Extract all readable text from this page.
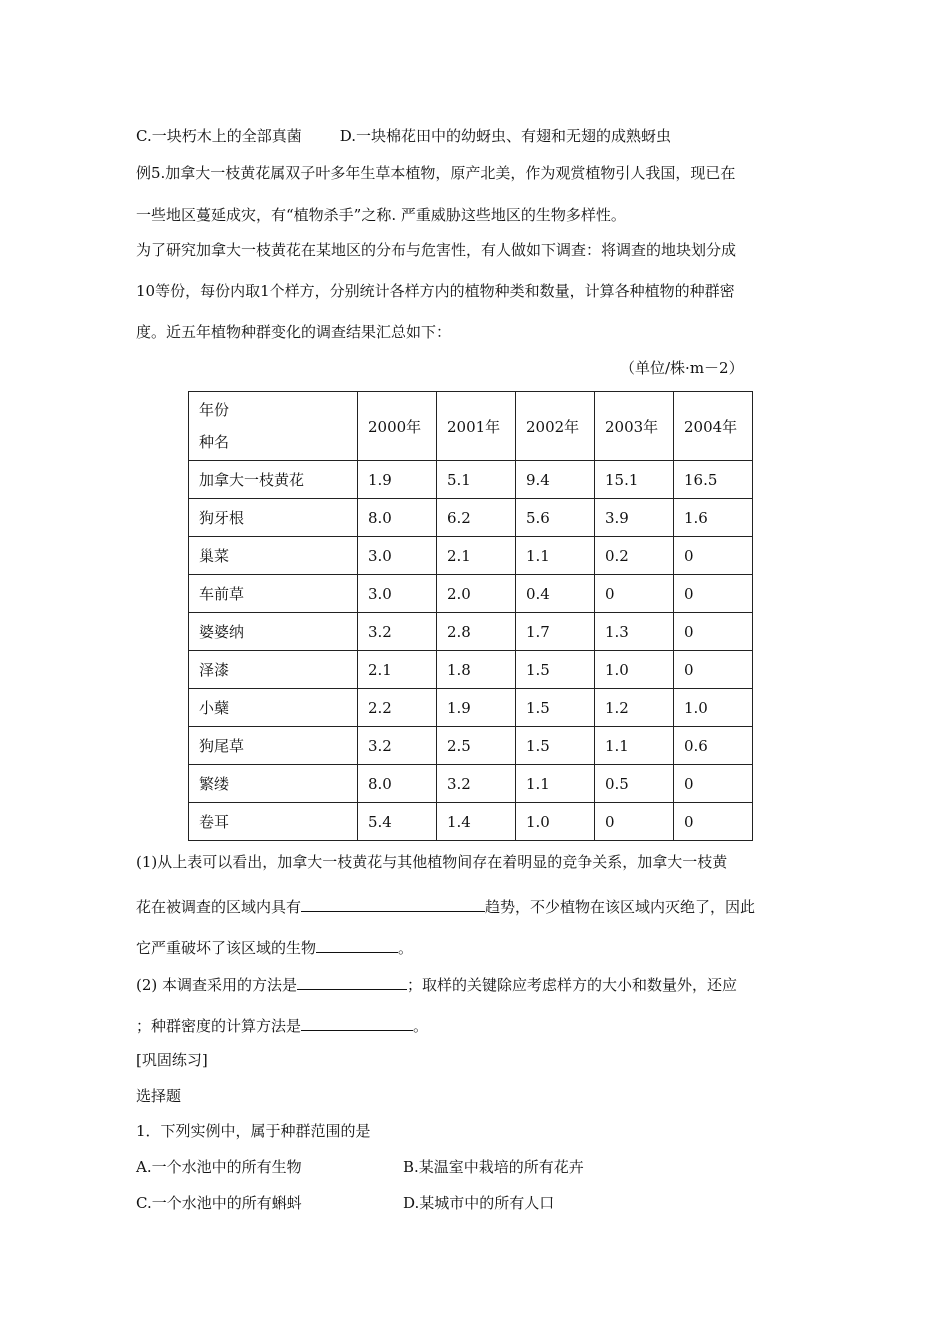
C.一块朽木上的全部真菌	D.一块棉花田中的幼蚜虫、有翅和无翅的成熟蚜虫
例5.加拿大一枝黄花属双子叶多年生草本植物，原产北美，作为观赏植物引人我国，现已在
一些地区蔓延成灾，有“植物杀手”之称. 严重威胁这些地区的生物多样性。
为了研究加拿大一枝黄花在某地区的分布与危害性，有人做如下调查：将调查的地块划分成
10等份，每份内取1个样方，分别统计各样方内的植物种类和数量，计算各种植物的种群密
度。近五年植物种群变化的调查结果汇总如下：
（单位/株·m－2）
年份
种名	2000年	2001年	2002年	2003年	2004年
加拿大一枝黄花	1.9	5.1	9.4	15.1	16.5
狗牙根	8.0	6.2	5.6	3.9	1.6
巢菜	3.0	2.1	1.1	0.2	0
车前草	3.0	2.0	0.4	0	0
婆婆纳	3.2	2.8	1.7	1.3	0
泽漆	2.1	1.8	1.5	1.0	0
小蘖	2.2	1.9	1.5	1.2	1.0
狗尾草	3.2	2.5	1.5	1.1	0.6
繁缕	8.0	3.2	1.1	0.5	0
卷耳	5.4	1.4	1.0	0	0
(1)从上表可以看出，加拿大一枝黄花与其他植物间存在着明显的竞争关系，加拿大一枝黄
花在被调查的区域内具有	趋势，不少植物在该区域内灭绝了，因此
它严重破坏了该区域的生物	。
(2) 本调查采用的方法是	；取样的关键除应考虑样方的大小和数量外，还应
；种群密度的计算方法是	。
[巩固练习]
选择题
1．下列实例中，属于种群范围的是
A.一个水池中的所有生物	B.某温室中栽培的所有花卉
C.一个水池中的所有蝌蚪	D.某城市中的所有人口
